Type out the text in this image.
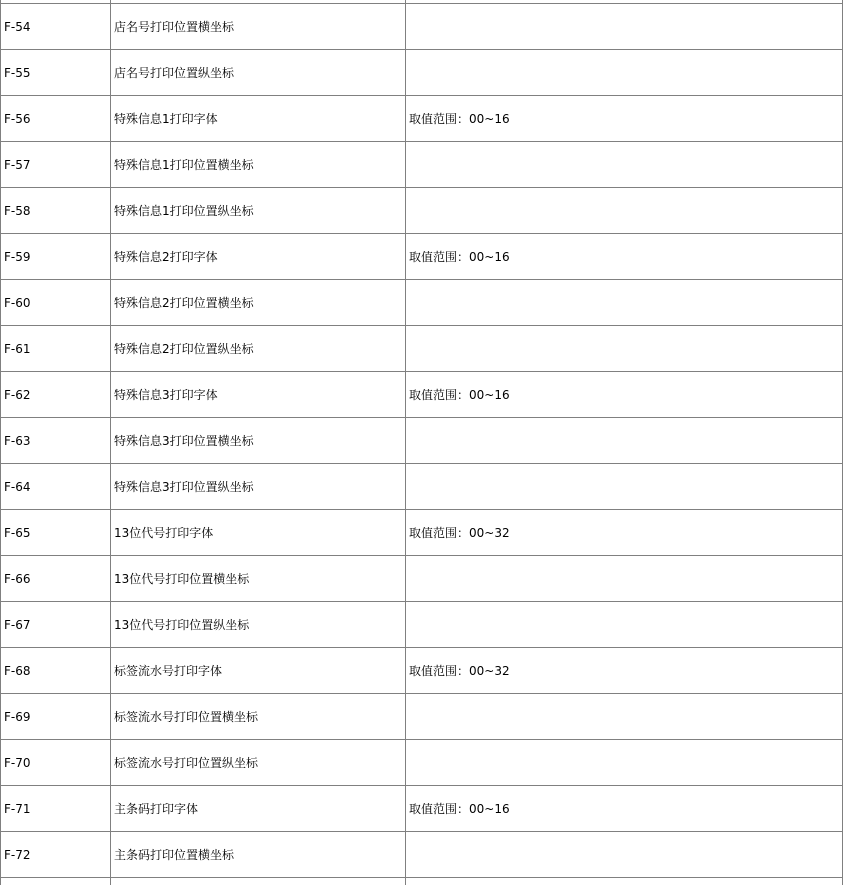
F-54	店名号打印位置横坐标	
F-55	店名号打印位置纵坐标	
F-56	特殊信息1打印字体	取值范围：00~16
F-57	特殊信息1打印位置横坐标	
F-58	特殊信息1打印位置纵坐标	
F-59	特殊信息2打印字体	取值范围：00~16
F-60	特殊信息2打印位置横坐标	
F-61	特殊信息2打印位置纵坐标	
F-62	特殊信息3打印字体	取值范围：00~16
F-63	特殊信息3打印位置横坐标	
F-64	特殊信息3打印位置纵坐标	
F-65	13位代号打印字体	取值范围：00~32
F-66	13位代号打印位置横坐标	
F-67	13位代号打印位置纵坐标	
F-68	标签流水号打印字体	取值范围：00~32
F-69	标签流水号打印位置横坐标	
F-70	标签流水号打印位置纵坐标	
F-71	主条码打印字体	取值范围：00~16
F-72	主条码打印位置横坐标	
